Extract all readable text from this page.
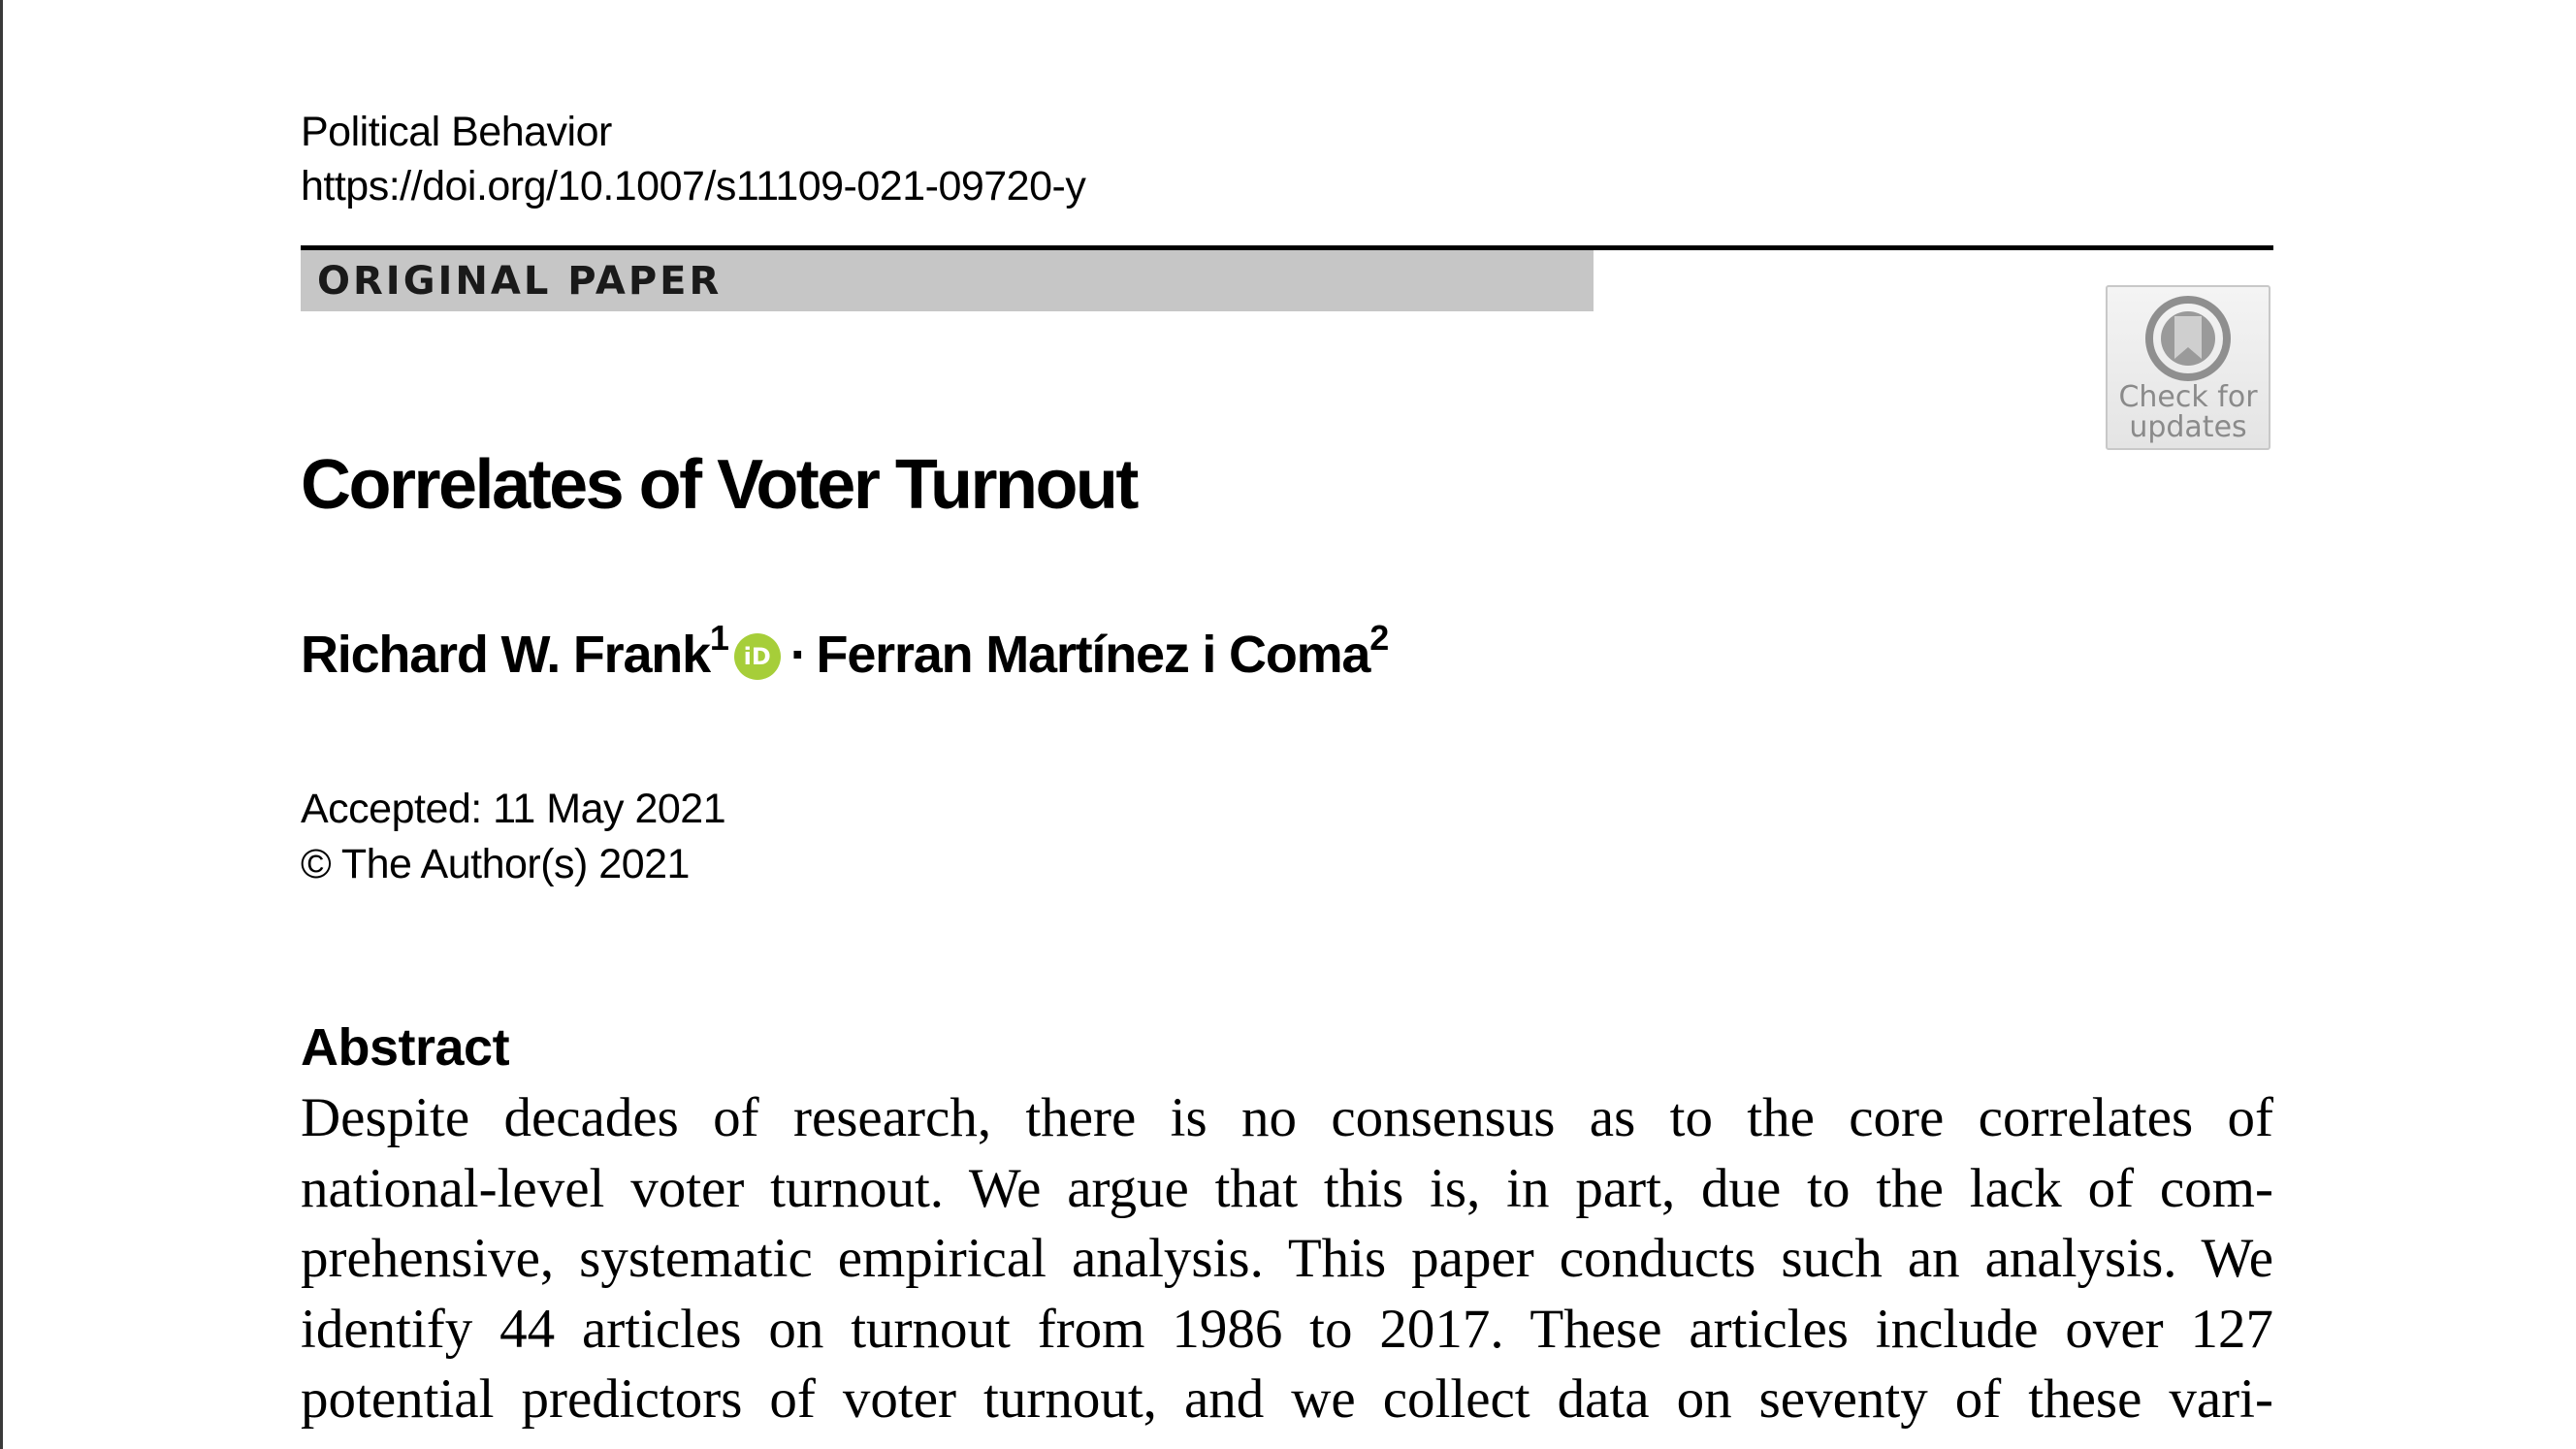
Political Behavior
https://doi.org/10.1007/s11109-021-09720-y
ORIGINAL PAPER
Check for
updates
Correlates of Voter Turnout
Richard W. Frank$^1$ iD · Ferran Martínez i Coma$^2$
Accepted: 11 May 2021
© The Author(s) 2021
Abstract
Despite decades of research, there is no consensus as to the core correlates of
national-level voter turnout. We argue that this is, in part, due to the lack of com-
prehensive, systematic empirical analysis. This paper conducts such an analysis. We
identify 44 articles on turnout from 1986 to 2017. These articles include over 127
potential predictors of voter turnout, and we collect data on seventy of these vari-
